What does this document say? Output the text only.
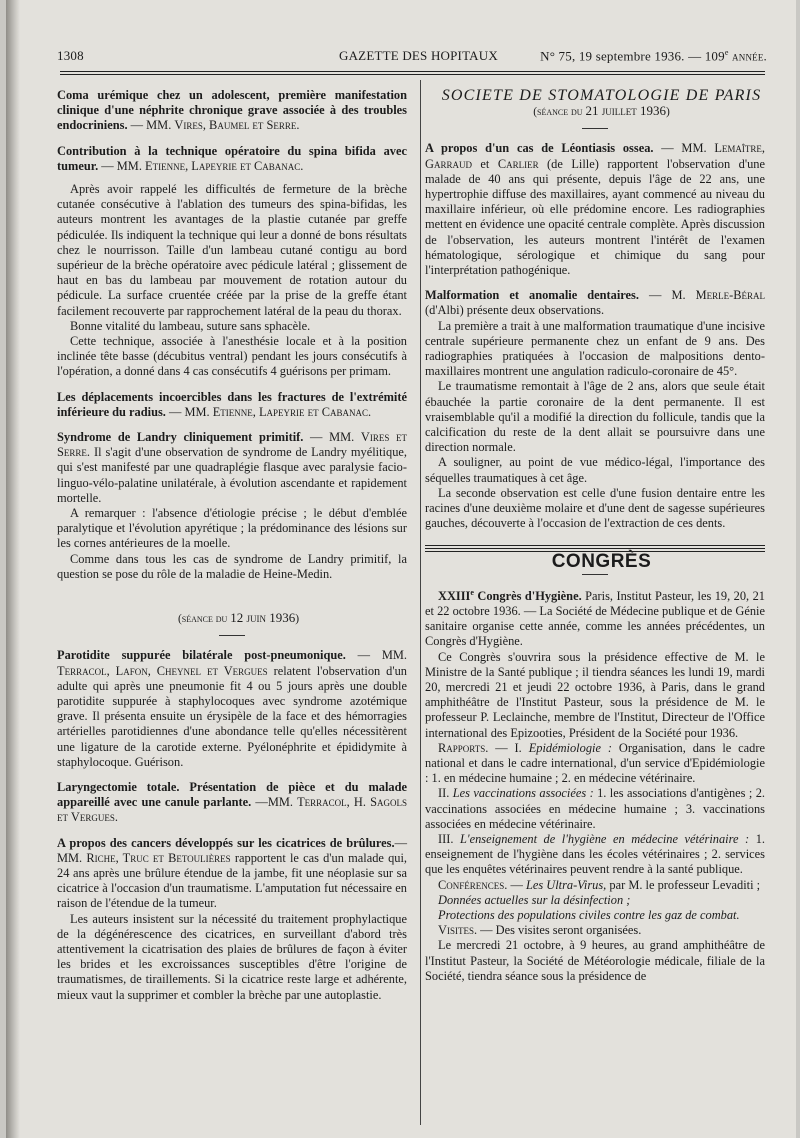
1308	GAZETTE DES HOPITAUX	N° 75, 19 septembre 1936. — 109e année.

Coma urémique chez un adolescent, première manifestation clinique d'une néphrite chronique grave associée à des troubles endocriniens. — MM. Vires, Baumel et Serre.

Contribution à la technique opératoire du spina bifida avec tumeur. — MM. Etienne, Lapeyrie et Cabanac.

Après avoir rappelé les difficultés de fermeture de la brèche cutanée consécutive à l'ablation des tumeurs des spina-bifidas, les auteurs montrent les avantages de la plastie cutanée par greffe pédiculée. Ils indiquent la technique qui leur a donné de bons résultats chez le nourrisson. Taille d'un lambeau cutané contigu au bord supérieur de la brèche opératoire avec pédicule latéral ; glissement de haut en bas du lambeau par mouvement de rotation autour du pédicule. La surface cruentée créée par la prise de la greffe étant facilement recouverte par rapprochement latéral de la peau du thorax.

Bonne vitalité du lambeau, suture sans sphacèle.

Cette technique, associée à l'anesthésie locale et à la position inclinée tête basse (décubitus ventral) pendant les jours consécutifs à l'opération, a donné dans 4 cas consécutifs 4 guérisons per primam.

Les déplacements incoercibles dans les fractures de l'extrémité inférieure du radius. — MM. Etienne, Lapeyrie et Cabanac.

Syndrome de Landry cliniquement primitif. — MM. Vires et Serre. Il s'agit d'une observation de syndrome de Landry myélitique, qui s'est manifesté par une quadraplégie flasque avec paralysie facio-linguo-vélo-palatine unilatérale, à évolution ascendante et rapidement mortelle.

A remarquer : l'absence d'étiologie précise ; le début d'emblée paralytique et l'évolution apyrétique ; la prédominance des lésions sur les cornes antérieures de la moelle.

Comme dans tous les cas de syndrome de Landry primitif, la question se pose du rôle de la maladie de Heine-Medin.

(séance du 12 juin 1936)

Parotidite suppurée bilatérale post-pneumonique. — MM. Terracol, Lafon, Cheynel et Vergues relatent l'observation d'un adulte qui après une pneumonie fit 4 ou 5 jours après une double parotidite suppurée à staphylocoques avec syndrome azotémique grave. Il présenta ensuite un érysipèle de la face et des hémorragies artérielles parotidiennes d'une abondance telle qu'elles nécessitèrent une ligature de la carotide externe. Pyélonéphrite et épididymite à staphylocoque. Guérison.

Laryngectomie totale. Présentation de pièce et du malade appareillé avec une canule parlante. —MM. Terracol, H. Sagols et Vergues.

A propos des cancers développés sur les cicatrices de brûlures.— MM. Riche, Truc et Betoulières rapportent le cas d'un malade qui, 24 ans après une brûlure étendue de la jambe, fit une néoplasie sur sa cicatrice à l'occasion d'un traumatisme. L'amputation fut nécessaire en raison de l'étendue de la tumeur.

Les auteurs insistent sur la nécessité du traitement prophylactique de la dégénérescence des cicatrices, en surveillant d'abord très attentivement la cicatrisation des plaies de brûlures de façon à éviter les brides et les excroissances susceptibles d'être l'origine de traumatismes, de tiraillements. Si la cicatrice reste large et adhérente, mieux vaut la supprimer et combler la brèche par une autoplastie.

SOCIETE DE STOMATOLOGIE DE PARIS

(séance du 21 juillet 1936)

A propos d'un cas de Léontiasis ossea. — MM. Lemaître, Garraud et Carlier (de Lille) rapportent l'observation d'une malade de 40 ans qui présente, depuis l'âge de 22 ans, une hypertrophie diffuse des maxillaires, ayant commencé au niveau du maxillaire inférieur, où elle prédomine encore. Les radiographies mettent en évidence une opacité centrale complète. Après discussion de l'observation, les auteurs montrent l'intérêt de l'examen hématologique, sérologique et chimique du sang pour l'interprétation pathogénique.

Malformation et anomalie dentaires. — M. Merle-Béral (d'Albi) présente deux observations.

La première a trait à une malformation traumatique d'une incisive centrale supérieure permanente chez un enfant de 9 ans. Des radiographies pratiquées à l'occasion de malpositions dento-maxillaires montrent une angulation radiculo-coronaire de 45°.

Le traumatisme remontait à l'âge de 2 ans, alors que seule était ébauchée la partie coronaire de la dent permanente. Il est vraisemblable qu'il a modifié la direction du follicule, tandis que la calcification du reste de la dent allait se poursuivre dans une direction normale.

A souligner, au point de vue médico-légal, l'importance des séquelles traumatiques à cet âge.

La seconde observation est celle d'une fusion dentaire entre les racines d'une deuxième molaire et d'une dent de sagesse supérieures gauches, découverte à l'occasion de l'extraction de ces dents.

CONGRÈS

XXIIIe Congrès d'Hygiène. Paris, Institut Pasteur, les 19, 20, 21 et 22 octobre 1936. — La Société de Médecine publique et de Génie sanitaire organise cette année, comme les années précédentes, un Congrès d'Hygiène.

Ce Congrès s'ouvrira sous la présidence effective de M. le Ministre de la Santé publique ; il tiendra séances les lundi 19, mardi 20, mercredi 21 et jeudi 22 octobre 1936, à Paris, dans le grand amphithéâtre de l'Institut Pasteur, sous la présidence de M. le professeur P. Leclainche, membre de l'Institut, Directeur de l'Office international des Epizooties, Président de la Société pour 1936.

Rapports. — I. Epidémiologie : Organisation, dans le cadre national et dans le cadre international, d'un service d'Epidémiologie : 1. en médecine humaine ; 2. en médecine vétérinaire.

II. Les vaccinations associées : 1. les associations d'antigènes ; 2. vaccinations associées en médecine humaine ; 3. vaccinations associées en médecine vétérinaire.

III. L'enseignement de l'hygiène en médecine vétérinaire : 1. enseignement de l'hygiène dans les écoles vétérinaires ; 2. services que les enquêtes vétérinaires peuvent rendre à la santé publique.

Conférences. — Les Ultra-Virus, par M. le professeur Levaditi ;

Données actuelles sur la désinfection ;

Protections des populations civiles contre les gaz de combat.

Visites. — Des visites seront organisées.

Le mercredi 21 octobre, à 9 heures, au grand amphithéâtre de l'Institut Pasteur, la Société de Météorologie médicale, filiale de la Société, tiendra séance sous la présidence de
